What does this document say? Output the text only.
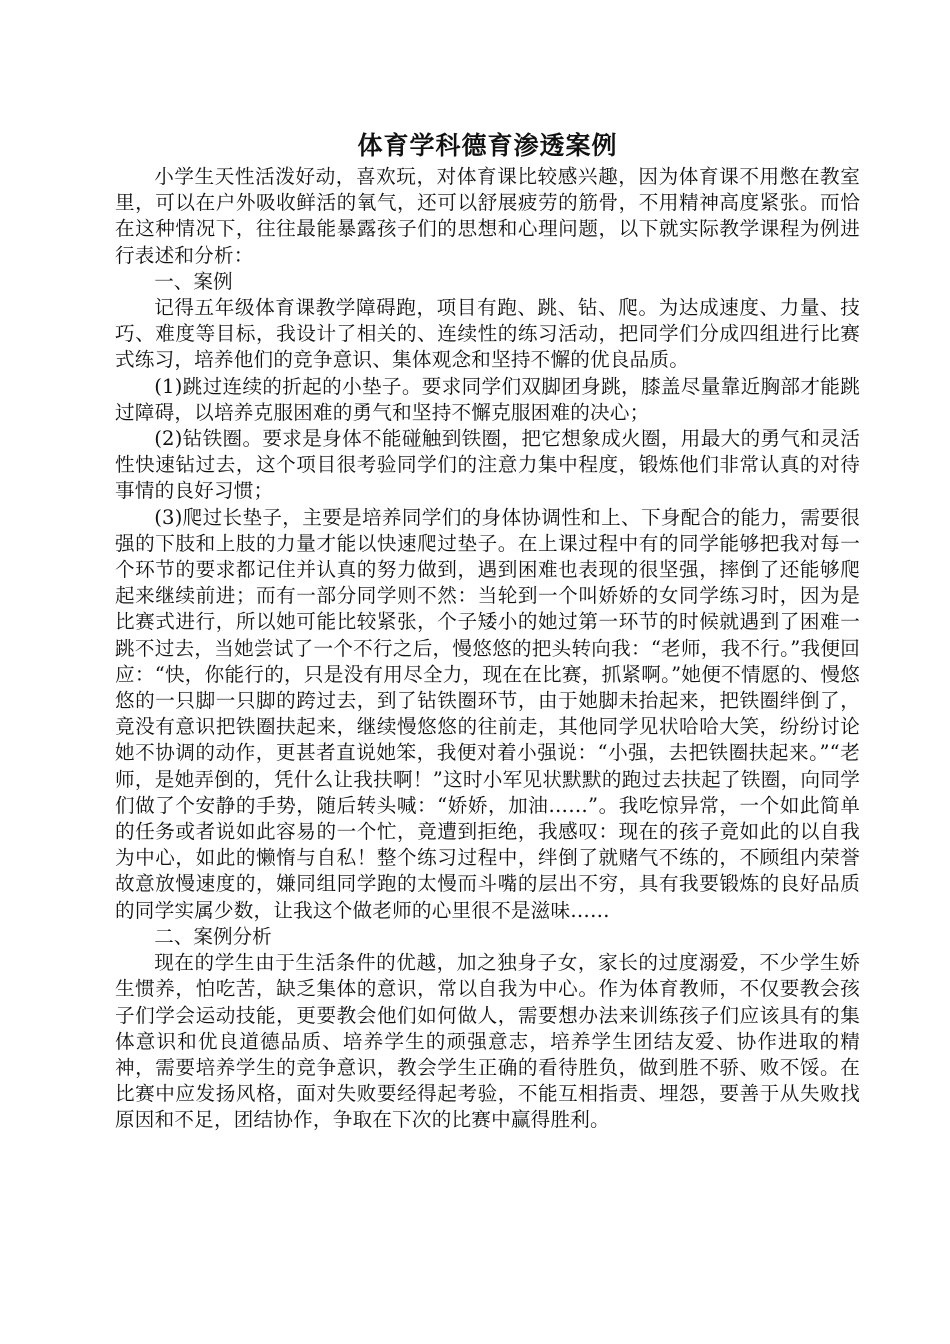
体育学科德育渗透案例

小学生天性活泼好动，喜欢玩，对体育课比较感兴趣，因为体育课不用憋在教室里，可以在户外吸收鲜活的氧气，还可以舒展疲劳的筋骨，不用精神高度紧张。而恰在这种情况下，往往最能暴露孩子们的思想和心理问题，以下就实际教学课程为例进行表述和分析：

一、案例

记得五年级体育课教学障碍跑，项目有跑、跳、钻、爬。为达成速度、力量、技巧、难度等目标，我设计了相关的、连续性的练习活动，把同学们分成四组进行比赛式练习，培养他们的竞争意识、集体观念和坚持不懈的优良品质。

(1)跳过连续的折起的小垫子。要求同学们双脚团身跳，膝盖尽量靠近胸部才能跳过障碍，以培养克服困难的勇气和坚持不懈克服困难的决心；

(2)钻铁圈。要求是身体不能碰触到铁圈，把它想象成火圈，用最大的勇气和灵活性快速钻过去，这个项目很考验同学们的注意力集中程度，锻炼他们非常认真的对待事情的良好习惯；

(3)爬过长垫子，主要是培养同学们的身体协调性和上、下身配合的能力，需要很强的下肢和上肢的力量才能以快速爬过垫子。在上课过程中有的同学能够把我对每一个环节的要求都记住并认真的努力做到，遇到困难也表现的很坚强，摔倒了还能够爬起来继续前进；而有一部分同学则不然：当轮到一个叫娇娇的女同学练习时，因为是比赛式进行，所以她可能比较紧张，个子矮小的她过第一环节的时候就遇到了困难一跳不过去，当她尝试了一个不行之后，慢悠悠的把头转向我：“老师，我不行。”我便回应：“快，你能行的，只是没有用尽全力，现在在比赛，抓紧啊。”她便不情愿的、慢悠悠的一只脚一只脚的跨过去，到了钻铁圈环节，由于她脚未抬起来，把铁圈绊倒了，竟没有意识把铁圈扶起来，继续慢悠悠的往前走，其他同学见状哈哈大笑，纷纷讨论她不协调的动作，更甚者直说她笨，我便对着小强说：“小强，去把铁圈扶起来。”“老师，是她弄倒的，凭什么让我扶啊！”这时小军见状默默的跑过去扶起了铁圈，向同学们做了个安静的手势，随后转头喊：“娇娇，加油……”。我吃惊异常，一个如此简单的任务或者说如此容易的一个忙，竟遭到拒绝，我感叹：现在的孩子竟如此的以自我为中心，如此的懒惰与自私！整个练习过程中，绊倒了就赌气不练的，不顾组内荣誉故意放慢速度的，嫌同组同学跑的太慢而斗嘴的层出不穷，具有我要锻炼的良好品质的同学实属少数，让我这个做老师的心里很不是滋味……

二、案例分析

现在的学生由于生活条件的优越，加之独身子女，家长的过度溺爱，不少学生娇生惯养，怕吃苦，缺乏集体的意识，常以自我为中心。作为体育教师，不仅要教会孩子们学会运动技能，更要教会他们如何做人，需要想办法来训练孩子们应该具有的集体意识和优良道德品质、培养学生的顽强意志，培养学生团结友爱、协作进取的精神，需要培养学生的竞争意识，教会学生正确的看待胜负，做到胜不骄、败不馁。在比赛中应发扬风格，面对失败要经得起考验，不能互相指责、埋怨，要善于从失败找原因和不足，团结协作，争取在下次的比赛中赢得胜利。
